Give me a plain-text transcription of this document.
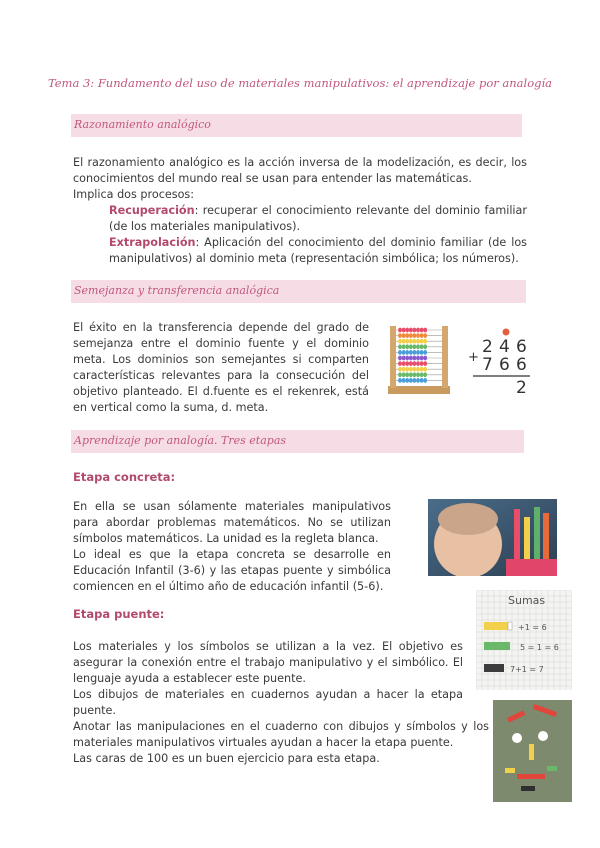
Tema 3: Fundamento del uso de materiales manipulativos: el aprendizaje por analogía
Razonamiento analógico

El razonamiento analógico es la acción inversa de la modelización, es decir, los conocimientos del mundo real se usan para entender las matemáticas.

Implica dos procesos:

Recuperación: recuperar el conocimiento relevante del dominio familiar (de los materiales manipulativos).

Extrapolación: Aplicación del conocimiento del dominio familiar (de los manipulativos) al dominio meta (representación simbólica; los números).

Semejanza y transferencia analógica

El éxito en la transferencia depende del grado de semejanza entre el dominio fuente y el dominio meta. Los dominios son semejantes si comparten características relevantes para la consecución del objetivo planteado. El d.fuente es el rekenrek, está en vertical como la suma, d. meta.

2 4 6
+ 7 6 6
2
Aprendizaje por analogía. Tres etapas
Etapa concreta:

En ella se usan sólamente materiales manipulativos para abordar problemas matemáticos. No se utilizan símbolos matemáticos. La unidad es la regleta blanca.

Lo ideal es que la etapa concreta se desarrolle en Educación Infantil (3-6) y las etapas puente y simbólica comiencen en el último año de educación infantil (5-6).

Etapa puente:

Los materiales y los símbolos se utilizan a la vez. El objetivo es asegurar la conexión entre el trabajo manipulativo y el simbólico. El lenguaje ayuda a establecer este puente.

Los dibujos de materiales en cuadernos ayudan a hacer la etapa puente.

Anotar las manipulaciones en el cuaderno con dibujos y símbolos y los materiales manipulativos virtuales ayudan a hacer la etapa puente.

Las caras de 100 es un buen ejercicio para esta etapa.

Sumas
+1 = 6
5 = 1 = 6
7+1 = 7
